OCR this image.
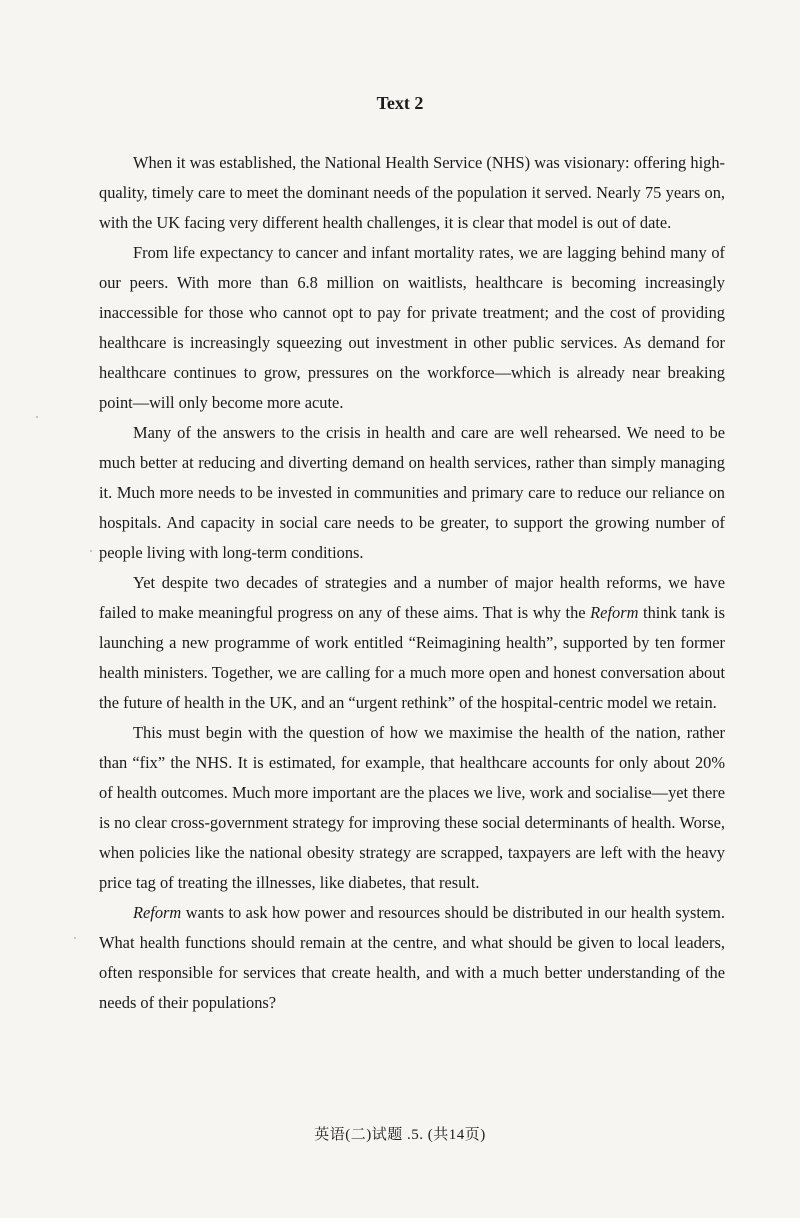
Text 2

When it was established, the National Health Service (NHS) was visionary: offering high-quality, timely care to meet the dominant needs of the population it served. Nearly 75 years on, with the UK facing very different health challenges, it is clear that model is out of date.

From life expectancy to cancer and infant mortality rates, we are lagging behind many of our peers. With more than 6.8 million on waitlists, healthcare is becoming increasingly inaccessible for those who cannot opt to pay for private treatment; and the cost of providing healthcare is increasingly squeezing out investment in other public services. As demand for healthcare continues to grow, pressures on the workforce—which is already near breaking point—will only become more acute.

Many of the answers to the crisis in health and care are well rehearsed. We need to be much better at reducing and diverting demand on health services, rather than simply managing it. Much more needs to be invested in communities and primary care to reduce our reliance on hospitals. And capacity in social care needs to be greater, to support the growing number of people living with long-term conditions.

Yet despite two decades of strategies and a number of major health reforms, we have failed to make meaningful progress on any of these aims. That is why the Reform think tank is launching a new programme of work entitled “Reimagining health”, supported by ten former health ministers. Together, we are calling for a much more open and honest conversation about the future of health in the UK, and an “urgent rethink” of the hospital-centric model we retain.

This must begin with the question of how we maximise the health of the nation, rather than “fix” the NHS. It is estimated, for example, that healthcare accounts for only about 20% of health outcomes. Much more important are the places we live, work and socialise—yet there is no clear cross-government strategy for improving these social determinants of health. Worse, when policies like the national obesity strategy are scrapped, taxpayers are left with the heavy price tag of treating the illnesses, like diabetes, that result.

Reform wants to ask how power and resources should be distributed in our health system. What health functions should remain at the centre, and what should be given to local leaders, often responsible for services that create health, and with a much better understanding of the needs of their populations?

英语(二)试题 .5. (共14页)
